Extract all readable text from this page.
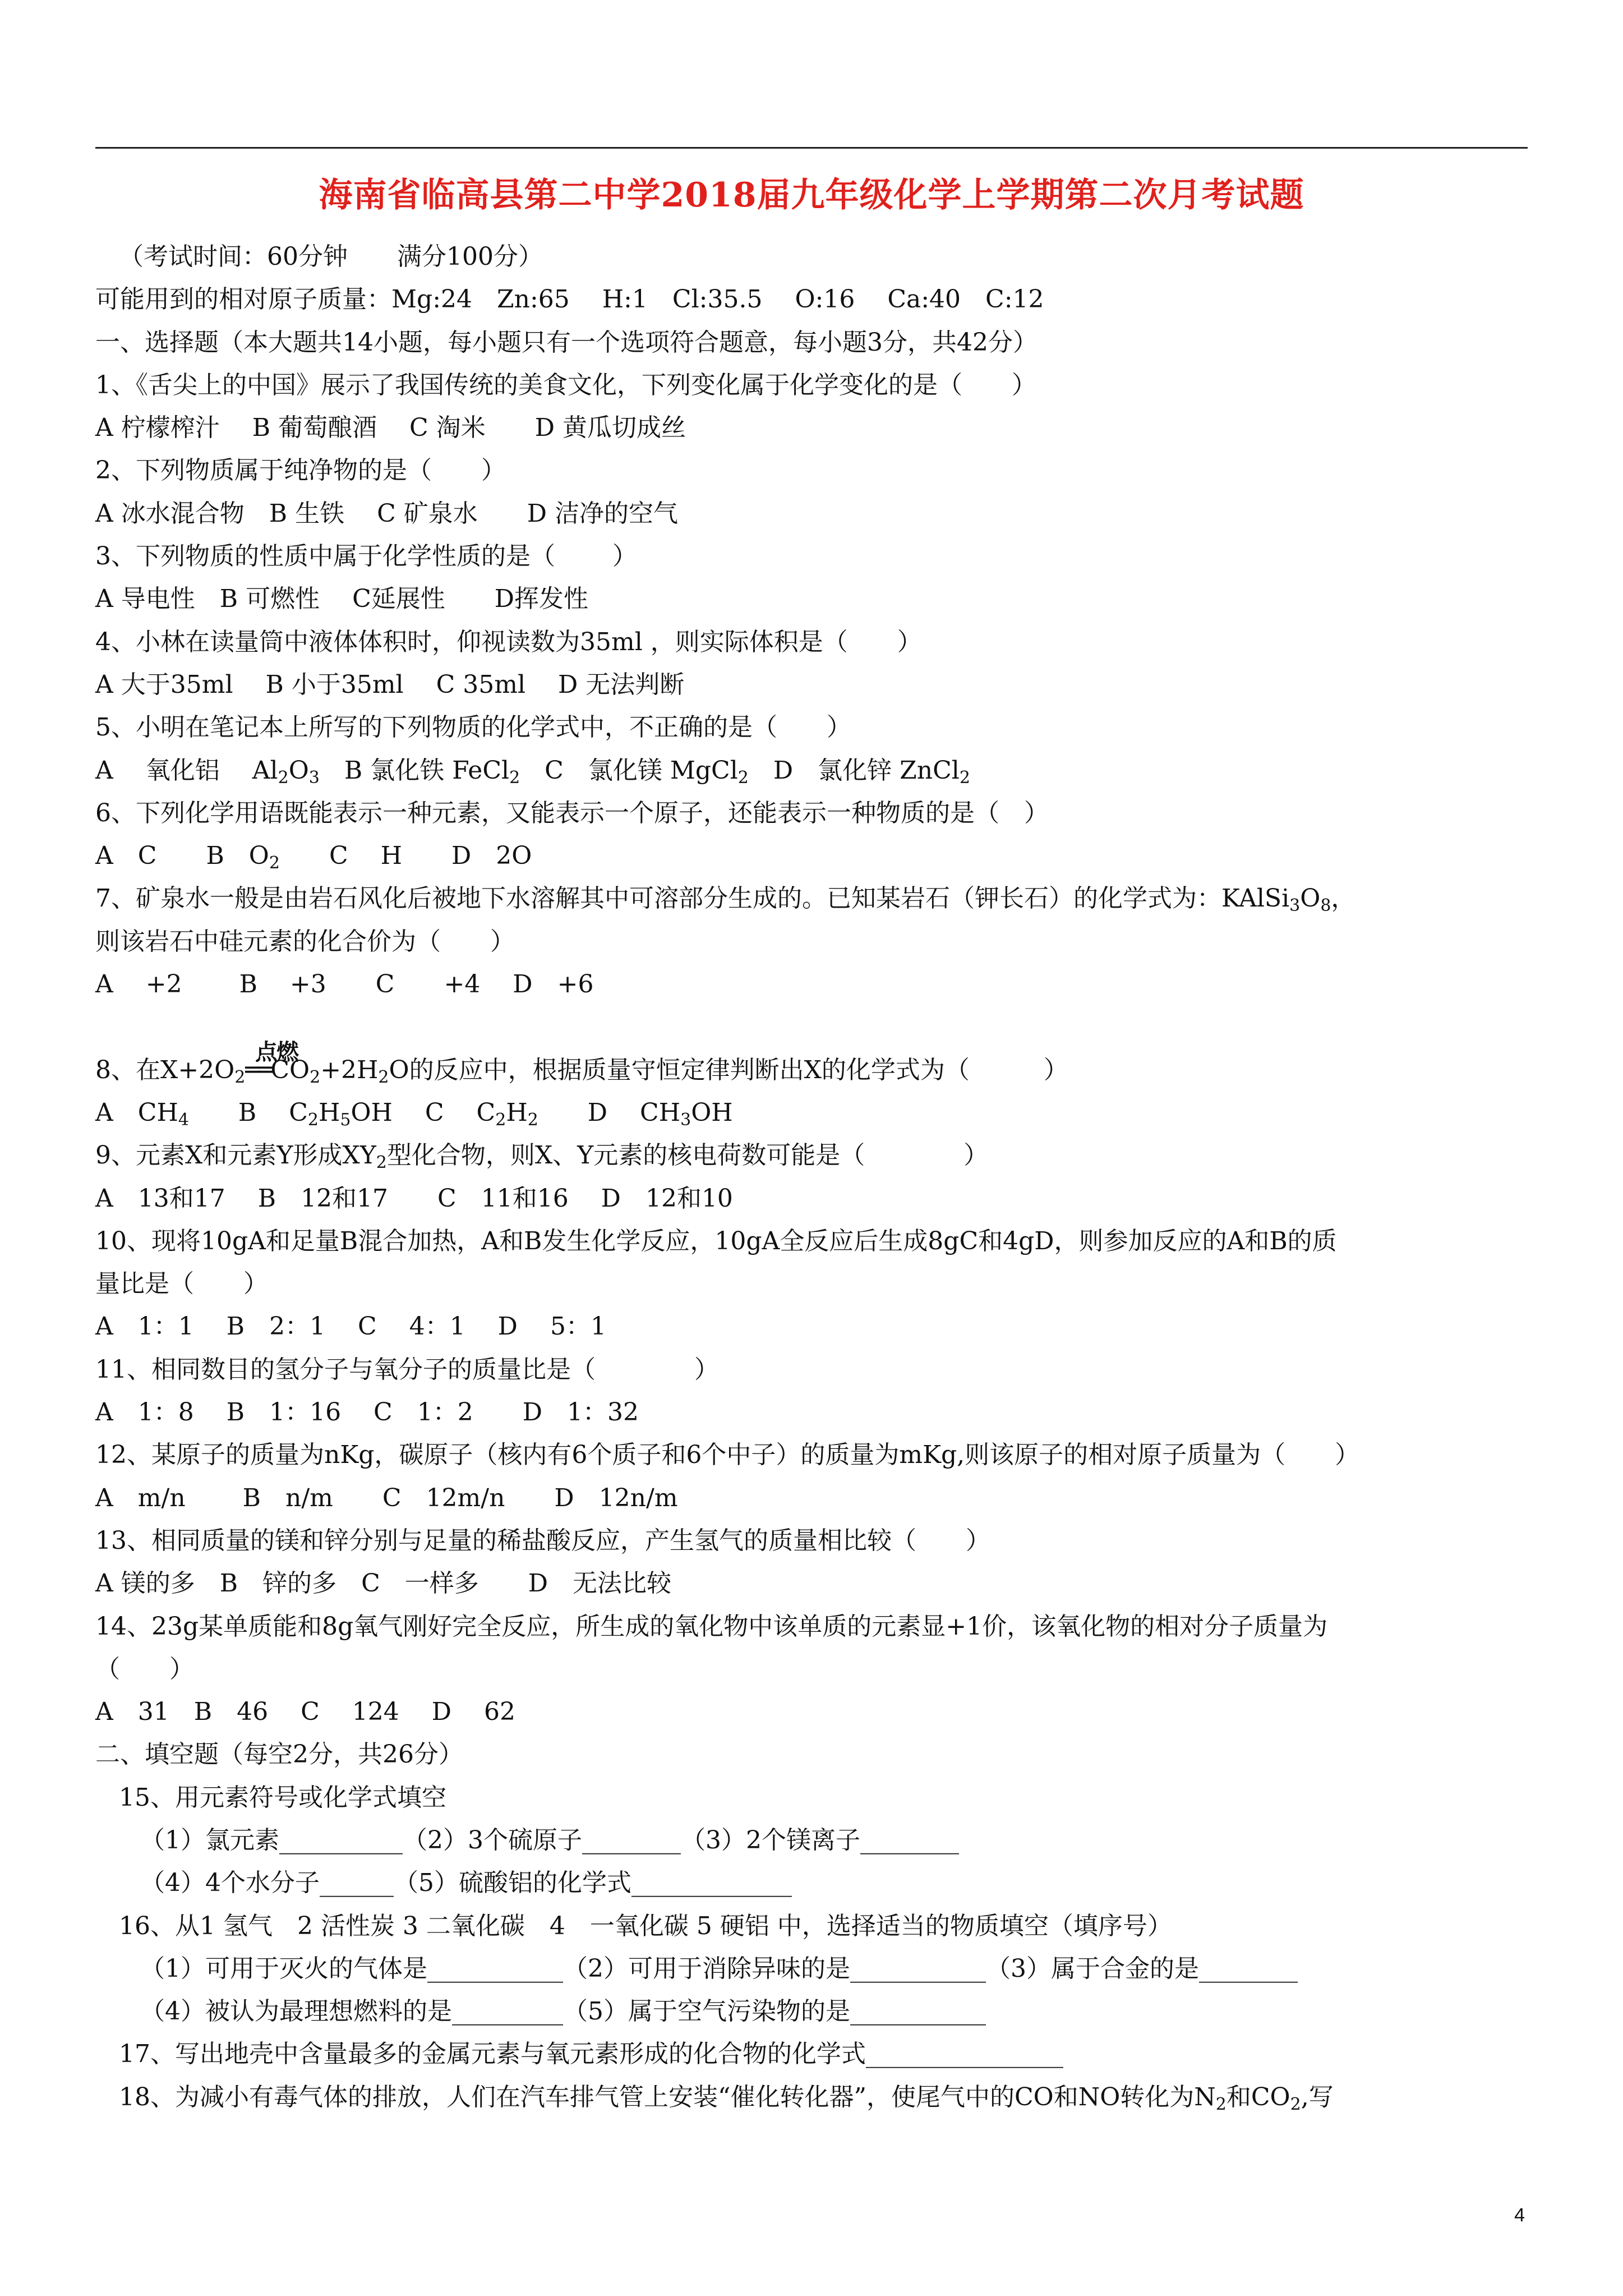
海南省临高县第二中学2018届九年级化学上学期第二次月考试题
（考试时间：60分钟　　满分100分）
可能用到的相对原子质量：Mg:24　Zn:65　 H:1　Cl:35.5　 O:16　 Ca:40　C:12
一、选择题（本大题共14小题，每小题只有一个选项符合题意，每小题3分，共42分）
1、《舌尖上的中国》展示了我国传统的美食文化，下列变化属于化学变化的是（　　）
A 柠檬榨汁　 B 葡萄酿酒　 C 淘米　　D 黄瓜切成丝
2、下列物质属于纯净物的是（　　）
A 冰水混合物　B 生铁　 C 矿泉水　　D 洁净的空气
3、下列物质的性质中属于化学性质的是（　　 ）
A 导电性　B 可燃性　 C延展性　　D挥发性
4、小林在读量筒中液体体积时，仰视读数为35ml ，则实际体积是（　　）
A 大于35ml　 B 小于35ml　 C 35ml　 D 无法判断
5、小明在笔记本上所写的下列物质的化学式中，不正确的是（　　）
A　 氧化铝　 $Al_2O_3$　B 氯化铁 FeCl$_2$　C　氯化镁 MgCl$_2$　D　氯化锌 ZnCl$_2$
6、下列化学用语既能表示一种元素，又能表示一个原子，还能表示一种物质的是（　）
A　C　　B　$O_2$　　C　 H　　D　2O
7、矿泉水一般是由岩石风化后被地下水溶解其中可溶部分生成的。已知某岩石（钾长石）的化学式为：$KAlSi_3O_8$，
则该岩石中硅元素的化合价为（　　）
A　 +2　　 B　 +3　　C　　+4　 D　+6

点燃
8、在$X+2O_2══CO_2+2H_2O$的反应中，根据质量守恒定律判断出X的化学式为（　　　）
A　$CH_4$　　B　 $C_2H_5OH$　 C　 $C_2H_2$　　D　 $CH_3OH$
9、元素X和元素Y形成$XY_2$型化合物，则X、Y元素的核电荷数可能是（　　　　）
A　13和17　 B　12和17　　C　11和16　 D　12和10
10、现将10gA和足量B混合加热，A和B发生化学反应，10gA全反应后生成8gC和4gD，则参加反应的A和B的质
量比是（　　）
A　1：1　 B　2：1　 C　 4：1　 D　 5：1
11、相同数目的氢分子与氧分子的质量比是（　　　　）
A　1：8　 B　1：16　 C　1：2　　D　1：32
12、某原子的质量为nKg，碳原子（核内有6个质子和6个中子）的质量为mKg,则该原子的相对原子质量为（　　）
A　m/n　　 B　n/m　　C　12m/n　　D　12n/m
13、相同质量的镁和锌分别与足量的稀盐酸反应，产生氢气的质量相比较（　　）
A 镁的多　B　锌的多　C　一样多　　D　无法比较
14、23g某单质能和8g氧气刚好完全反应，所生成的氧化物中该单质的元素显+1价，该氧化物的相对分子质量为
（　　）
A　31　B　46　 C　 124　 D　 62
二、填空题（每空2分，共26分）
15、用元素符号或化学式填空
（1）氯元素__________（2）3个硫原子________（3）2个镁离子________
（4）4个水分子______（5）硫酸铝的化学式_____________
16、从1 氢气　2 活性炭 3 二氧化碳　4　一氧化碳 5 硬铝 中，选择适当的物质填空（填序号）
（1）可用于灭火的气体是___________（2）可用于消除异味的是___________（3）属于合金的是________
（4）被认为最理想燃料的是_________（5）属于空气污染物的是___________
17、写出地壳中含量最多的金属元素与氧元素形成的化合物的化学式________________
18、为减小有毒气体的排放，人们在汽车排气管上安装“催化转化器”，使尾气中的CO和NO转化为$N_2$和$CO_2$,写
4
